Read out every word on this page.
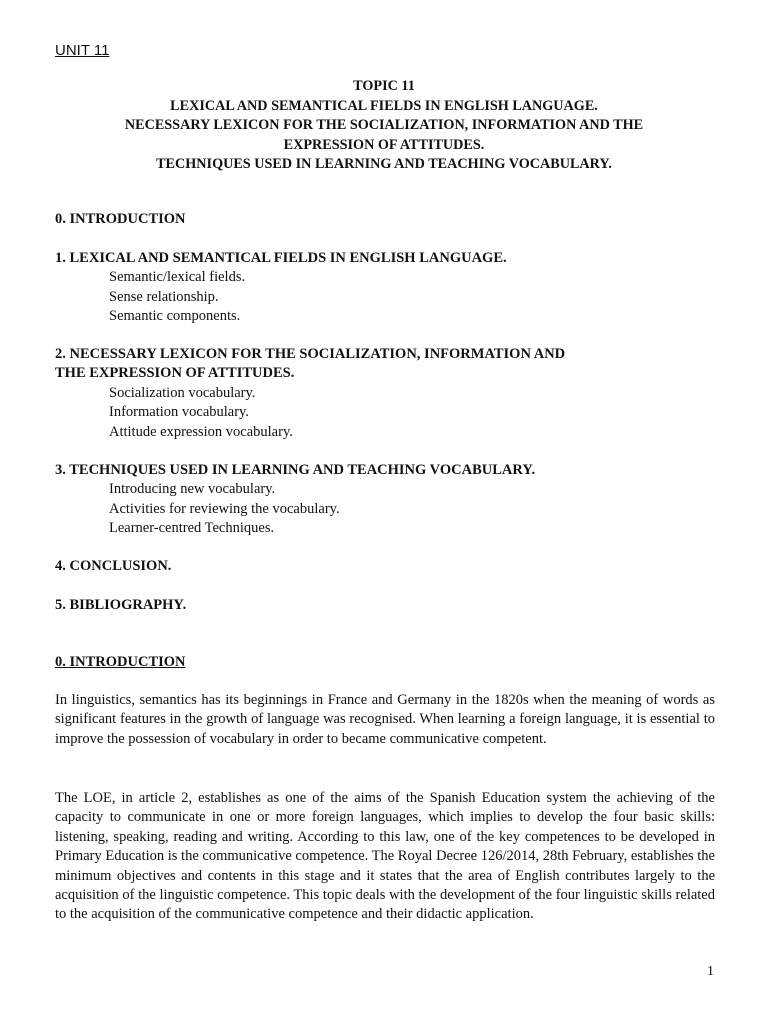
UNIT 11
TOPIC 11
LEXICAL AND SEMANTICAL FIELDS IN ENGLISH LANGUAGE.
NECESSARY LEXICON FOR THE SOCIALIZATION, INFORMATION AND THE
EXPRESSION OF ATTITUDES.
TECHNIQUES USED IN LEARNING AND TEACHING VOCABULARY.
0. INTRODUCTION
1. LEXICAL AND SEMANTICAL FIELDS IN ENGLISH LANGUAGE.
Semantic/lexical fields.
Sense relationship.
Semantic components.
2. NECESSARY LEXICON FOR THE SOCIALIZATION, INFORMATION AND
THE EXPRESSION OF ATTITUDES.
Socialization vocabulary.
Information vocabulary.
Attitude expression vocabulary.
3. TECHNIQUES USED IN LEARNING AND TEACHING VOCABULARY.
Introducing new vocabulary.
Activities for reviewing the vocabulary.
Learner-centred Techniques.
4. CONCLUSION.
5. BIBLIOGRAPHY.
0. INTRODUCTION
In linguistics, semantics has its beginnings in France and Germany in the 1820s when the meaning of words as significant features in the growth of language was recognised. When learning a foreign language, it is essential to improve the possession of vocabulary in order to became communicative competent.
The LOE, in article 2, establishes as one of the aims of the Spanish Education system the achieving of the capacity to communicate in one or more foreign languages, which implies to develop the four basic skills: listening, speaking, reading and writing. According to this law, one of the key competences to be developed in Primary Education is the communicative competence. The Royal Decree 126/2014, 28th February, establishes the minimum objectives and contents in this stage and it states that the area of English contributes largely to the acquisition of the linguistic competence. This topic deals with the development of the four linguistic skills related to the acquisition of the communicative competence and their didactic application.
1
